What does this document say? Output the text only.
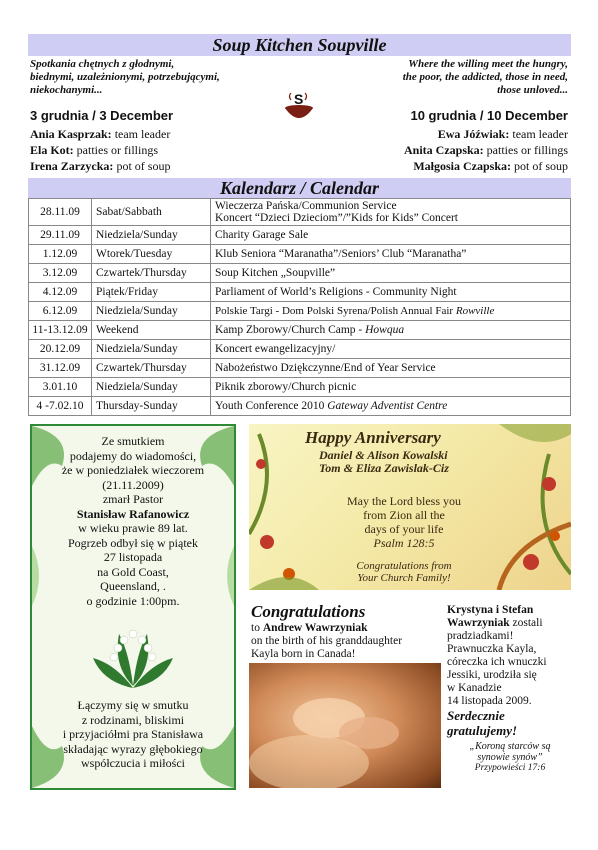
Soup Kitchen Soupville
Spotkania chętnych z głodnymi,
biednymi, uzależnionymi, potrzebującymi,
niekochanymi...
Where the willing meet the hungry,
the poor, the addicted, those in need,
those unloved...
S
3 grudnia / 3 December
Ania Kasprzak: team leader
Ela Kot: patties or fillings
Irena Zarzycka: pot of soup
10 grudnia / 10 December
Ewa Jóźwiak: team leader
Anita Czapska: patties or fillings
Małgosia Czapska: pot of soup
Kalendarz / Calendar
28.11.09	Sabat/Sabbath	Wieczerza Pańska/Communion Service
Koncert “Dzieci Dzieciom”/”Kids for Kids” Concert

29.11.09	Niedziela/Sunday	Charity Garage Sale
1.12.09	Wtorek/Tuesday	Klub Seniora “Maranatha”/Seniors’ Club “Maranatha”
3.12.09	Czwartek/Thursday	Soup Kitchen „Soupville”
4.12.09	Piątek/Friday	Parliament of World’s Religions - Community Night
6.12.09	Niedziela/Sunday	Polskie Targi - Dom Polski Syrena/Polish Annual Fair Rowville
11-13.12.09	Weekend	Kamp Zborowy/Church Camp - Howqua
20.12.09	Niedziela/Sunday	Koncert ewangelizacyjny/
31.12.09	Czwartek/Thursday	Nabożeństwo Dziękczynne/End of Year Service
3.01.10	Niedziela/Sunday	Piknik zborowy/Church picnic
4 -7.02.10	Thursday-Sunday	Youth Conference 2010 Gateway Adventist Centre
Ze smutkiem
podajemy do wiadomości,
że w poniedziałek wieczorem
(21.11.2009)
zmarł Pastor
Stanisław Rafanowicz
w wieku prawie 89 lat.
Pogrzeb odbył się w piątek
27 listopada
na Gold Coast,
Queensland, .
o godzinie 1:00pm.
Łączymy się w smutku
z rodzinami, bliskimi
i przyjaciółmi pra Stanisława
składając wyrazy głębokiego
współczucia i miłości
Happy Anniversary
Daniel & Alison Kowalski
Tom & Eliza Zawislak-Ciz
May the Lord bless you
from Zion all the
days of your life
Psalm 128:5
Congratulations from
Your Church Family!
Congratulations
to Andrew Wawrzyniak
on the birth of his granddaughter
Kayla born in Canada!
Krystyna i Stefan
Wawrzyniak zostali
pradziadkami!
Prawnuczka Kayla,
córeczka ich wnuczki
Jessiki, urodziła się
w Kanadzie
14 listopada 2009.
Serdecznie
gratulujemy!
„Koroną starców są
synowie synów”
Przypowieści 17:6
